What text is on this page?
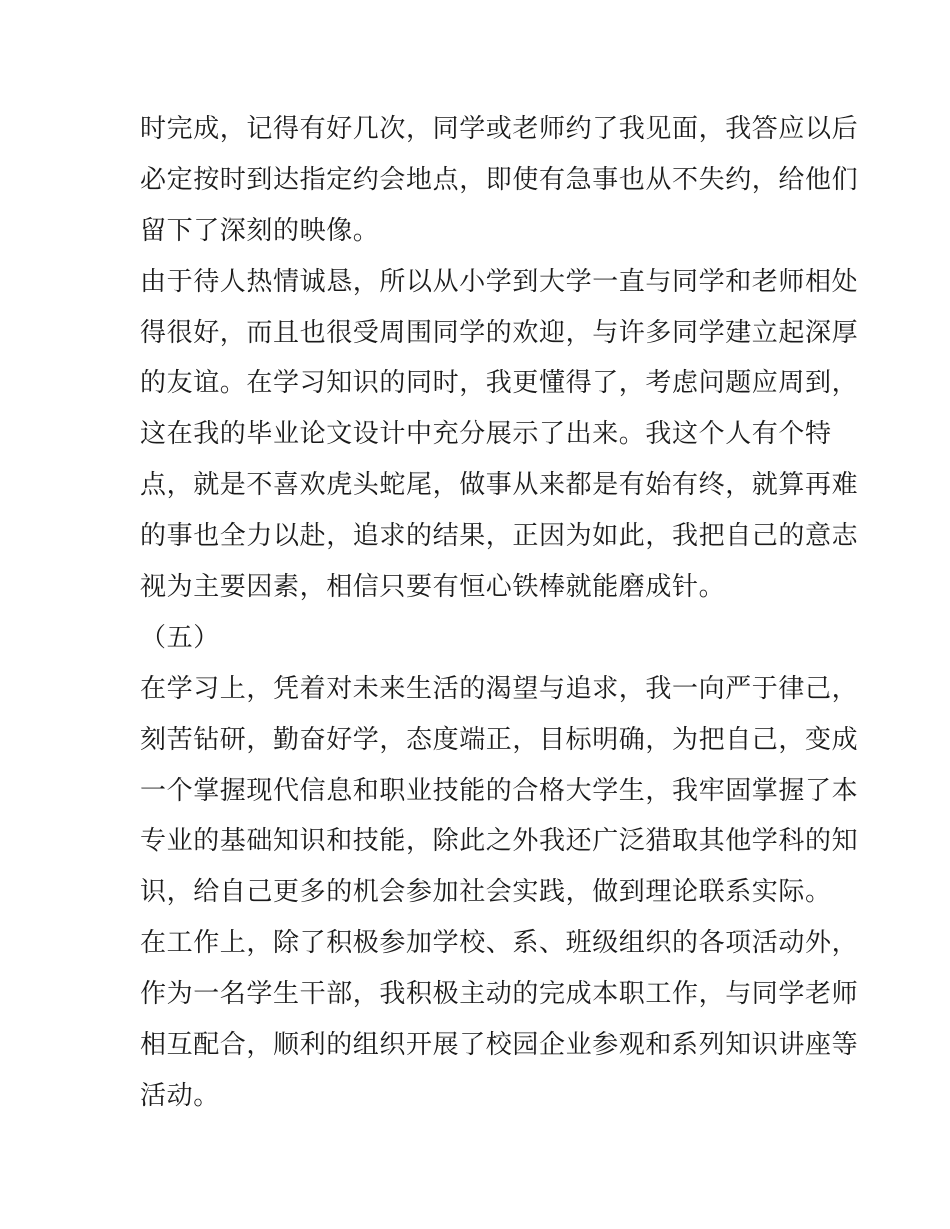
时完成，记得有好几次，同学或老师约了我见面，我答应以后
必定按时到达指定约会地点，即使有急事也从不失约，给他们
留下了深刻的映像。
由于待人热情诚恳，所以从小学到大学一直与同学和老师相处
得很好，而且也很受周围同学的欢迎，与许多同学建立起深厚
的友谊。在学习知识的同时，我更懂得了，考虑问题应周到，
这在我的毕业论文设计中充分展示了出来。我这个人有个特
点，就是不喜欢虎头蛇尾，做事从来都是有始有终，就算再难
的事也全力以赴，追求的结果，正因为如此，我把自己的意志
视为主要因素，相信只要有恒心铁棒就能磨成针。
（五）
在学习上，凭着对未来生活的渴望与追求，我一向严于律己，
刻苦钻研，勤奋好学，态度端正，目标明确，为把自己，变成
一个掌握现代信息和职业技能的合格大学生，我牢固掌握了本
专业的基础知识和技能，除此之外我还广泛猎取其他学科的知
识，给自己更多的机会参加社会实践，做到理论联系实际。
在工作上，除了积极参加学校、系、班级组织的各项活动外，
作为一名学生干部，我积极主动的完成本职工作，与同学老师
相互配合，顺利的组织开展了校园企业参观和系列知识讲座等
活动。
